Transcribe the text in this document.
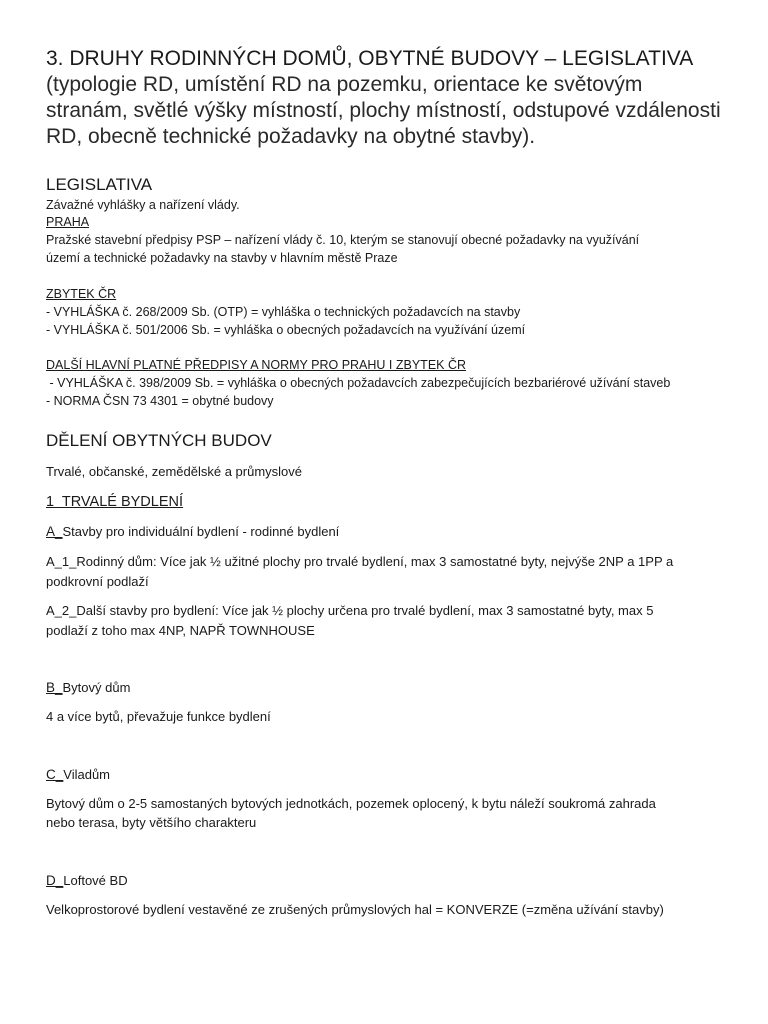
3. DRUHY RODINNÝCH DOMŮ, OBYTNÉ BUDOVY – LEGISLATIVA

(typologie RD, umístění RD na pozemku, orientace ke světovým

stranám, světlé výšky místností, plochy místností, odstupové vzdálenosti

RD, obecně technické požadavky na obytné stavby).

LEGISLATIVA

Závažné vyhlášky a nařízení vlády.

PRAHA

Pražské stavební předpisy PSP – nařízení vlády č. 10, kterým se stanovují obecné požadavky na využívání

území a technické požadavky na stavby v hlavním městě Praze

ZBYTEK ČR

- VYHLÁŠKA č. 268/2009 Sb. (OTP) = vyhláška o technických požadavcích na stavby

- VYHLÁŠKA č. 501/2006 Sb. = vyhláška o obecných požadavcích na využívání území

DALŠÍ HLAVNÍ PLATNÉ PŘEDPISY A NORMY PRO PRAHU I ZBYTEK ČR

- VYHLÁŠKA č. 398/2009 Sb. = vyhláška o obecných požadavcích zabezpečujících bezbariérové užívání staveb

- NORMA ČSN 73 4301 = obytné budovy

DĚLENÍ OBYTNÝCH BUDOV

Trvalé, občanské, zemědělské a průmyslové

1  TRVALÉ BYDLENÍ

A_Stavby pro individuální bydlení - rodinné bydlení

A_1_Rodinný dům: Více jak ½ užitné plochy pro trvalé bydlení, max 3 samostatné byty, nejvýše 2NP a 1PP a

podkrovní podlaží

A_2_Další stavby pro bydlení: Více jak ½ plochy určena pro trvalé bydlení, max 3 samostatné byty, max 5

podlaží z toho max 4NP, NAPŘ TOWNHOUSE

B_Bytový dům

4 a více bytů, převažuje funkce bydlení

C_Viladům

Bytový dům o 2-5 samostaných bytových jednotkách, pozemek oplocený, k bytu náleží soukromá zahrada

nebo terasa, byty většího charakteru

D_Loftové BD

Velkoprostorové bydlení vestavěné ze zrušených průmyslových hal = KONVERZE (=změna užívání stavby)
